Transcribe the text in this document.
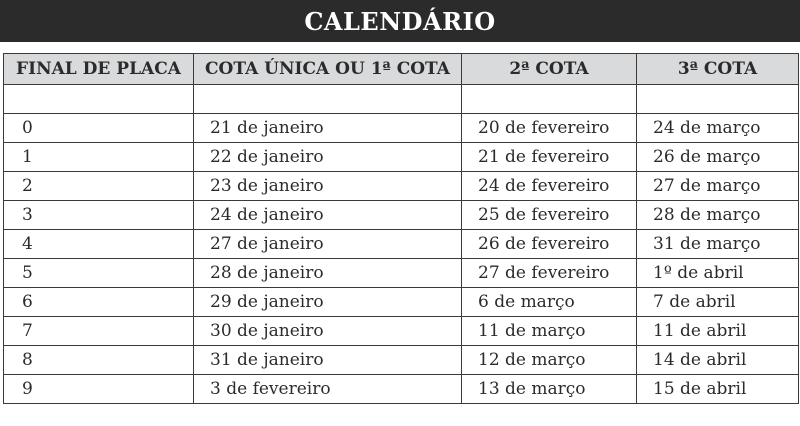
CALENDÁRIO
FINAL DE PLACA	COTA ÚNICA OU 1ª COTA	2ª COTA	3ª COTA

0	21 de janeiro	20 de fevereiro	24 de março
1	22 de janeiro	21 de fevereiro	26 de março
2	23 de janeiro	24 de fevereiro	27 de março
3	24 de janeiro	25 de fevereiro	28 de março
4	27 de janeiro	26 de fevereiro	31 de março
5	28 de janeiro	27 de fevereiro	1º de abril
6	29 de janeiro	6 de março	7 de abril
7	30 de janeiro	11 de março	11 de abril
8	31 de janeiro	12 de março	14 de abril
9	3 de fevereiro	13 de março	15 de abril
